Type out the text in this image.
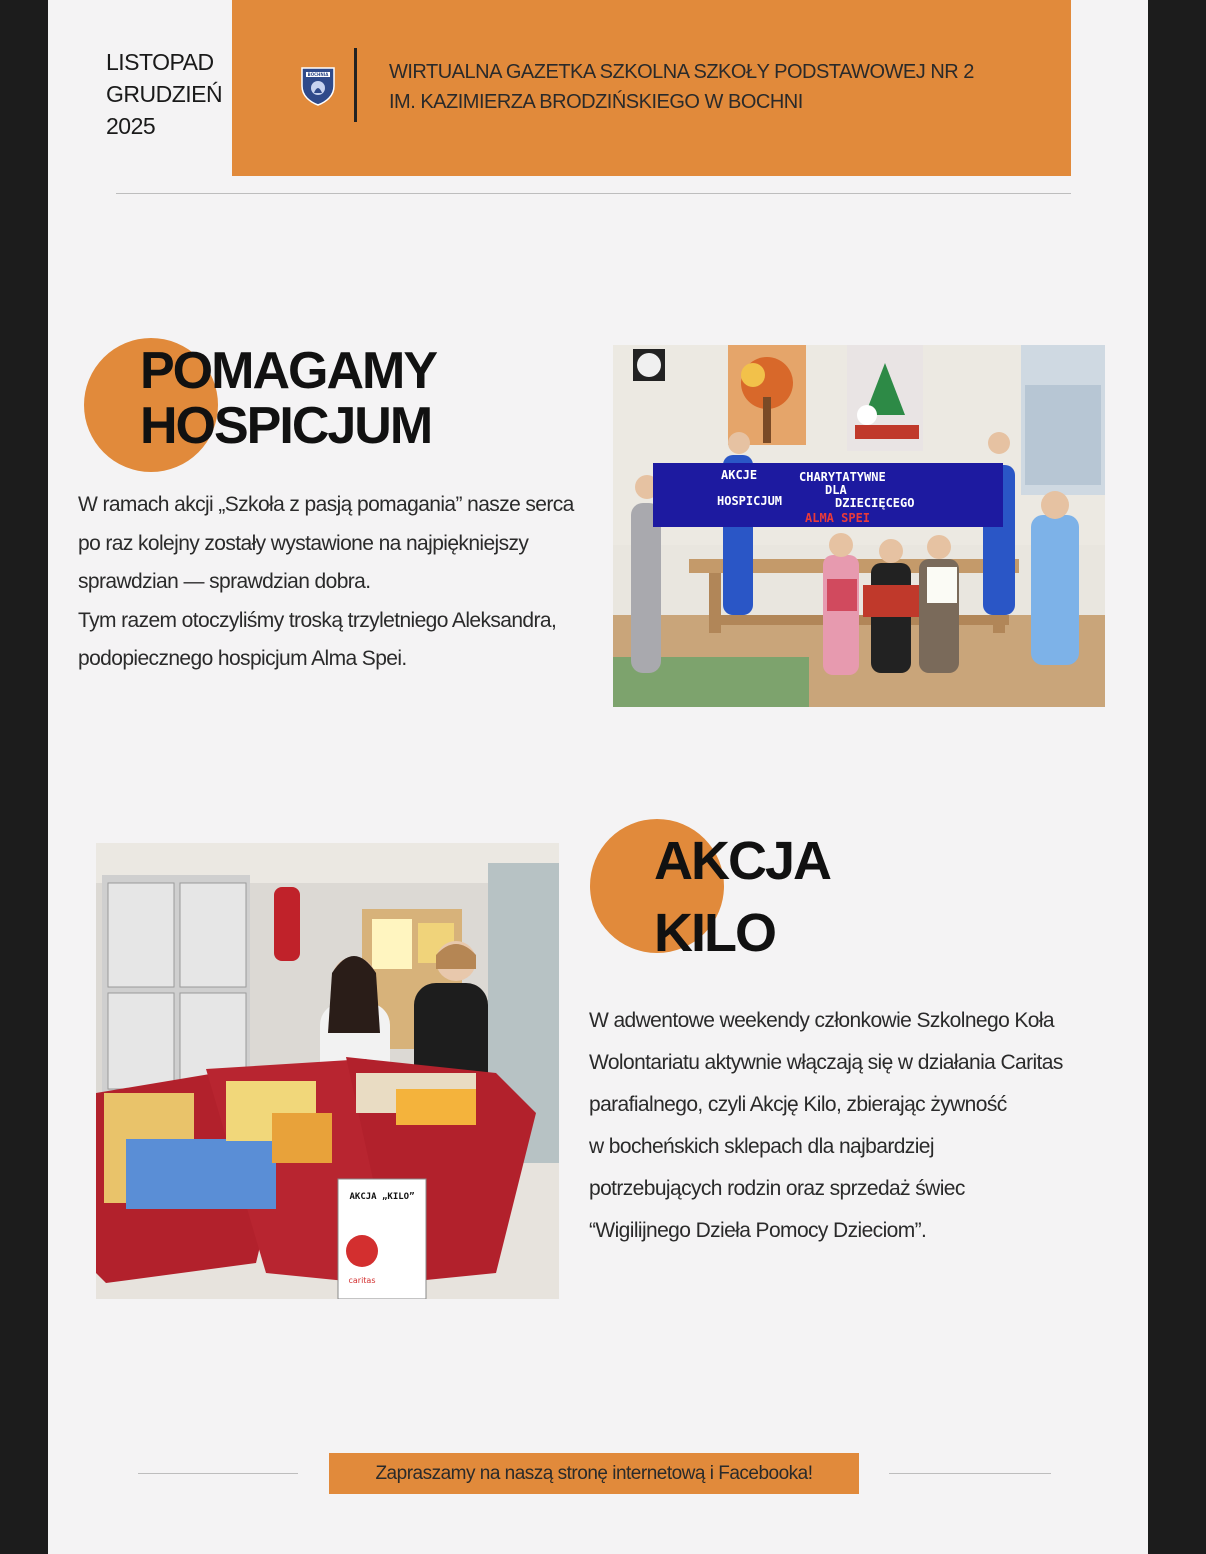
LISTOPAD
GRUDZIEŃ
2025
BOCHNIA	WIRTUALNA GAZETKA SZKOLNA SZKOŁY PODSTAWOWEJ NR 2
IM. KAZIMIERZA BRODZIŃSKIEGO W BOCHNI
POMAGAMY
HOSPICJUM
W ramach akcji „Szkoła z pasją pomagania” nasze serca
po raz kolejny zostały wystawione na najpiękniejszy
sprawdzian — sprawdzian dobra.
Tym razem otoczyliśmy troską trzyletniego Aleksandra,
podopiecznego hospicjum Alma Spei.
AKCJE	CHARYTATYWNE
DLA
HOSPICJUM	DZIECIĘCEGO
ALMA SPEI
AKCJA „KILO”
caritas
AKCJA
KILO
W adwentowe weekendy członkowie Szkolnego Koła
Wolontariatu aktywnie włączają się w działania Caritas
parafialnego, czyli Akcję Kilo, zbierając żywność
w bocheńskich sklepach dla najbardziej
potrzebujących rodzin oraz sprzedaż świec
“Wigilijnego Dzieła Pomocy Dzieciom”.
Zapraszamy na naszą stronę internetową i Facebooka!
